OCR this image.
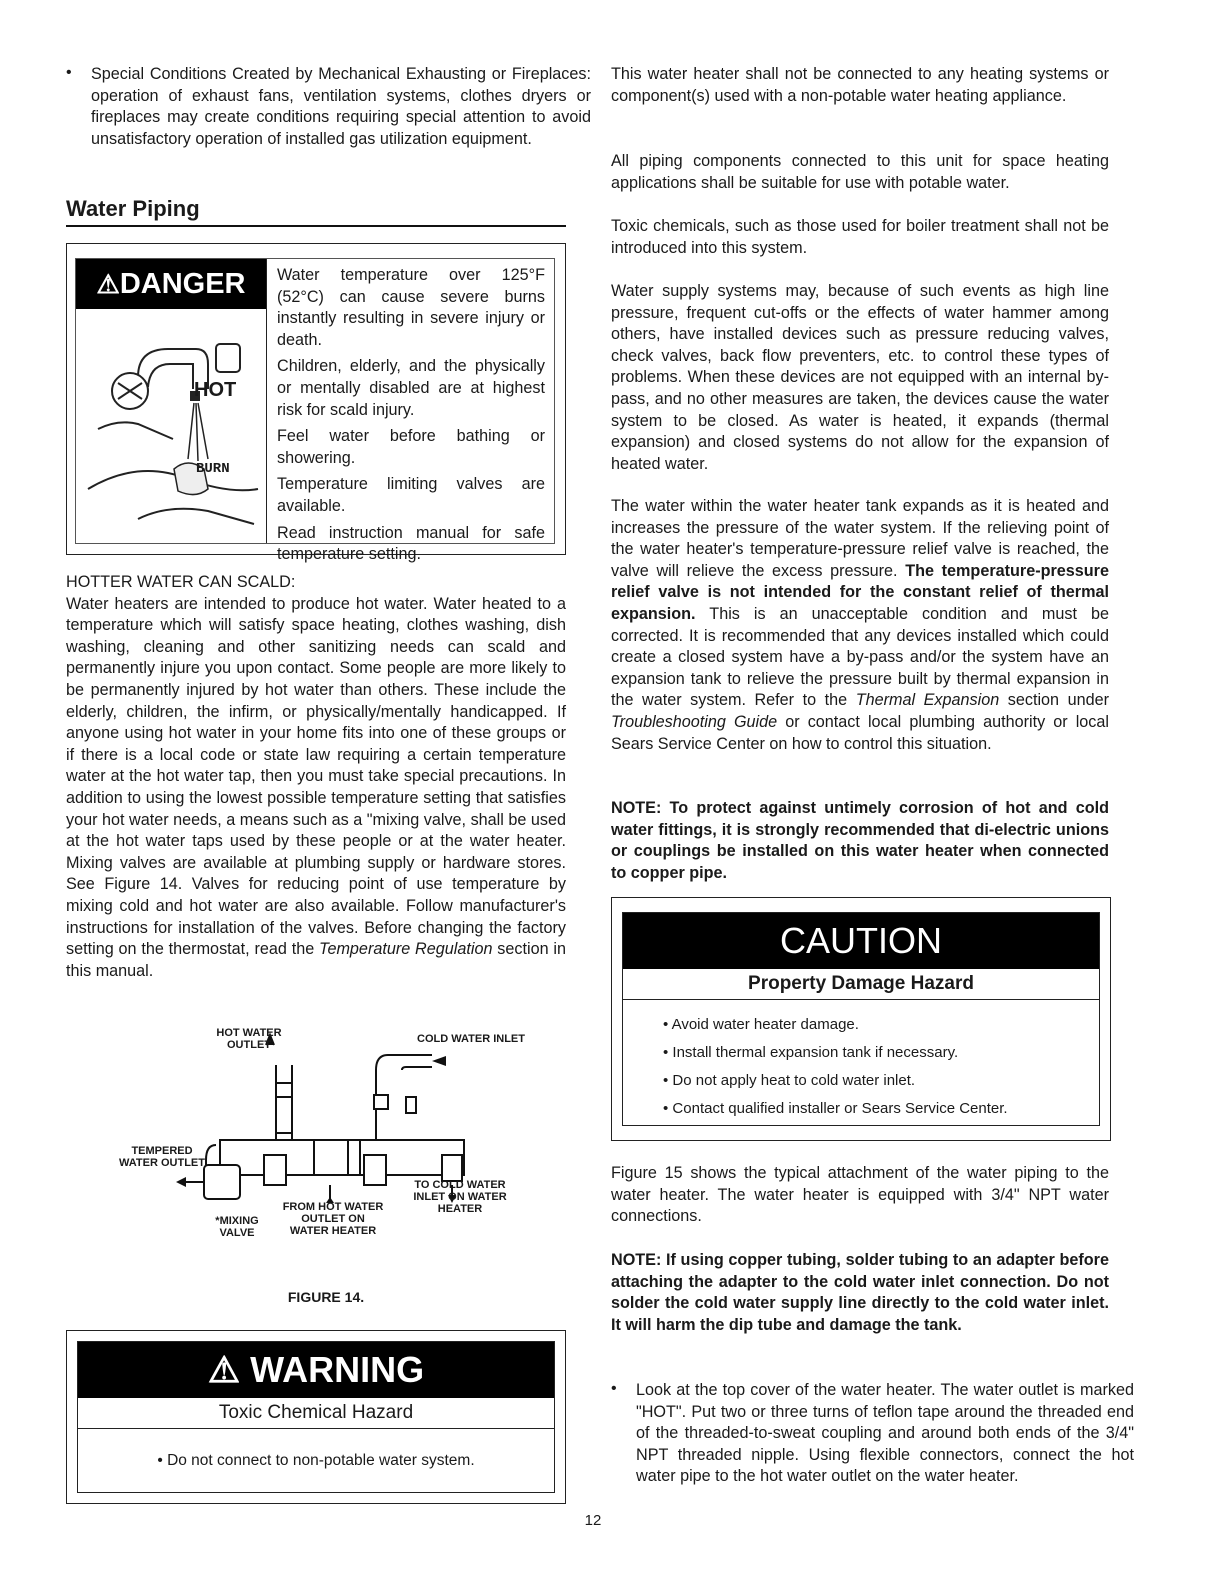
• Special Conditions Created by Mechanical Exhausting or Fireplaces: operation of exhaust fans, ventilation systems, clothes dryers or fireplaces may create conditions requiring special attention to avoid unsatisfactory operation of installed gas utilization equipment.

Water Piping
⚠DANGER
HOT
BURN

Water temperature over 125°F (52°C) can cause severe burns instantly resulting in severe injury or death.

Children, elderly, and the physically or mentally disabled are at highest risk for scald injury.

Feel water before bathing or showering.

Temperature limiting valves are available.

Read instruction manual for safe temperature setting.

HOTTER WATER CAN SCALD:

Water heaters are intended to produce hot water. Water heated to a temperature which will satisfy space heating, clothes washing, dish washing, cleaning and other sanitizing needs can scald and permanently injure you upon contact. Some people are more likely to be permanently injured by hot water than others. These include the elderly, children, the infirm, or physically/mentally handicapped. If anyone using hot water in your home fits into one of these groups or if there is a local code or state law requiring a certain temperature water at the hot water tap, then you must take special precautions. In addition to using the lowest possible temperature setting that satisfies your hot water needs, a means such as a "mixing valve, shall be used at the hot water taps used by these people or at the water heater. Mixing valves are available at plumbing supply or hardware stores. See Figure 14. Valves for reducing point of use temperature by mixing cold and hot water are also available. Follow manufacturer's instructions for installation of the valves. Before changing the factory setting on the thermostat, read the Temperature Regulation section in this manual.

HOT WATER OUTLET	COLD WATER INLET
TEMPERED WATER OUTLET
*MIXING VALVE
FROM HOT WATER OUTLET ON WATER HEATER
TO COLD WATER INLET ON WATER HEATER
FIGURE 14.
⚠ WARNING
Toxic Chemical Hazard
• Do not connect to non-potable water system.

This water heater shall not be connected to any heating systems or component(s) used with a non-potable water heating appliance.

All piping components connected to this unit for space heating applications shall be suitable for use with potable water.

Toxic chemicals, such as those used for boiler treatment shall not be introduced into this system.

Water supply systems may, because of such events as high line pressure, frequent cut-offs or the effects of water hammer among others, have installed devices such as pressure reducing valves, check valves, back flow preventers, etc. to control these types of problems. When these devices are not equipped with an internal by-pass, and no other measures are taken, the devices cause the water system to be closed. As water is heated, it expands (thermal expansion) and closed systems do not allow for the expansion of heated water.

The water within the water heater tank expands as it is heated and increases the pressure of the water system. If the relieving point of the water heater's temperature-pressure relief valve is reached, the valve will relieve the excess pressure. The temperature-pressure relief valve is not intended for the constant relief of thermal expansion. This is an unacceptable condition and must be corrected. It is recommended that any devices installed which could create a closed system have a by-pass and/or the system have an expansion tank to relieve the pressure built by thermal expansion in the water system. Refer to the Thermal Expansion section under Troubleshooting Guide or contact local plumbing authority or local Sears Service Center on how to control this situation.

NOTE: To protect against untimely corrosion of hot and cold water fittings, it is strongly recommended that di-electric unions or couplings be installed on this water heater when connected to copper pipe.

CAUTION
Property Damage Hazard
• Avoid water heater damage.
• Install thermal expansion tank if necessary.
• Do not apply heat to cold water inlet.
• Contact qualified installer or Sears Service Center.

Figure 15 shows the typical attachment of the water piping to the water heater. The water heater is equipped with 3/4" NPT water connections.

NOTE: If using copper tubing, solder tubing to an adapter before attaching the adapter to the cold water inlet connection. Do not solder the cold water supply line directly to the cold water inlet. It will harm the dip tube and damage the tank.

• Look at the top cover of the water heater. The water outlet is marked "HOT". Put two or three turns of teflon tape around the threaded end of the threaded-to-sweat coupling and around both ends of the 3/4" NPT threaded nipple. Using flexible connectors, connect the hot water pipe to the hot water outlet on the water heater.

12
